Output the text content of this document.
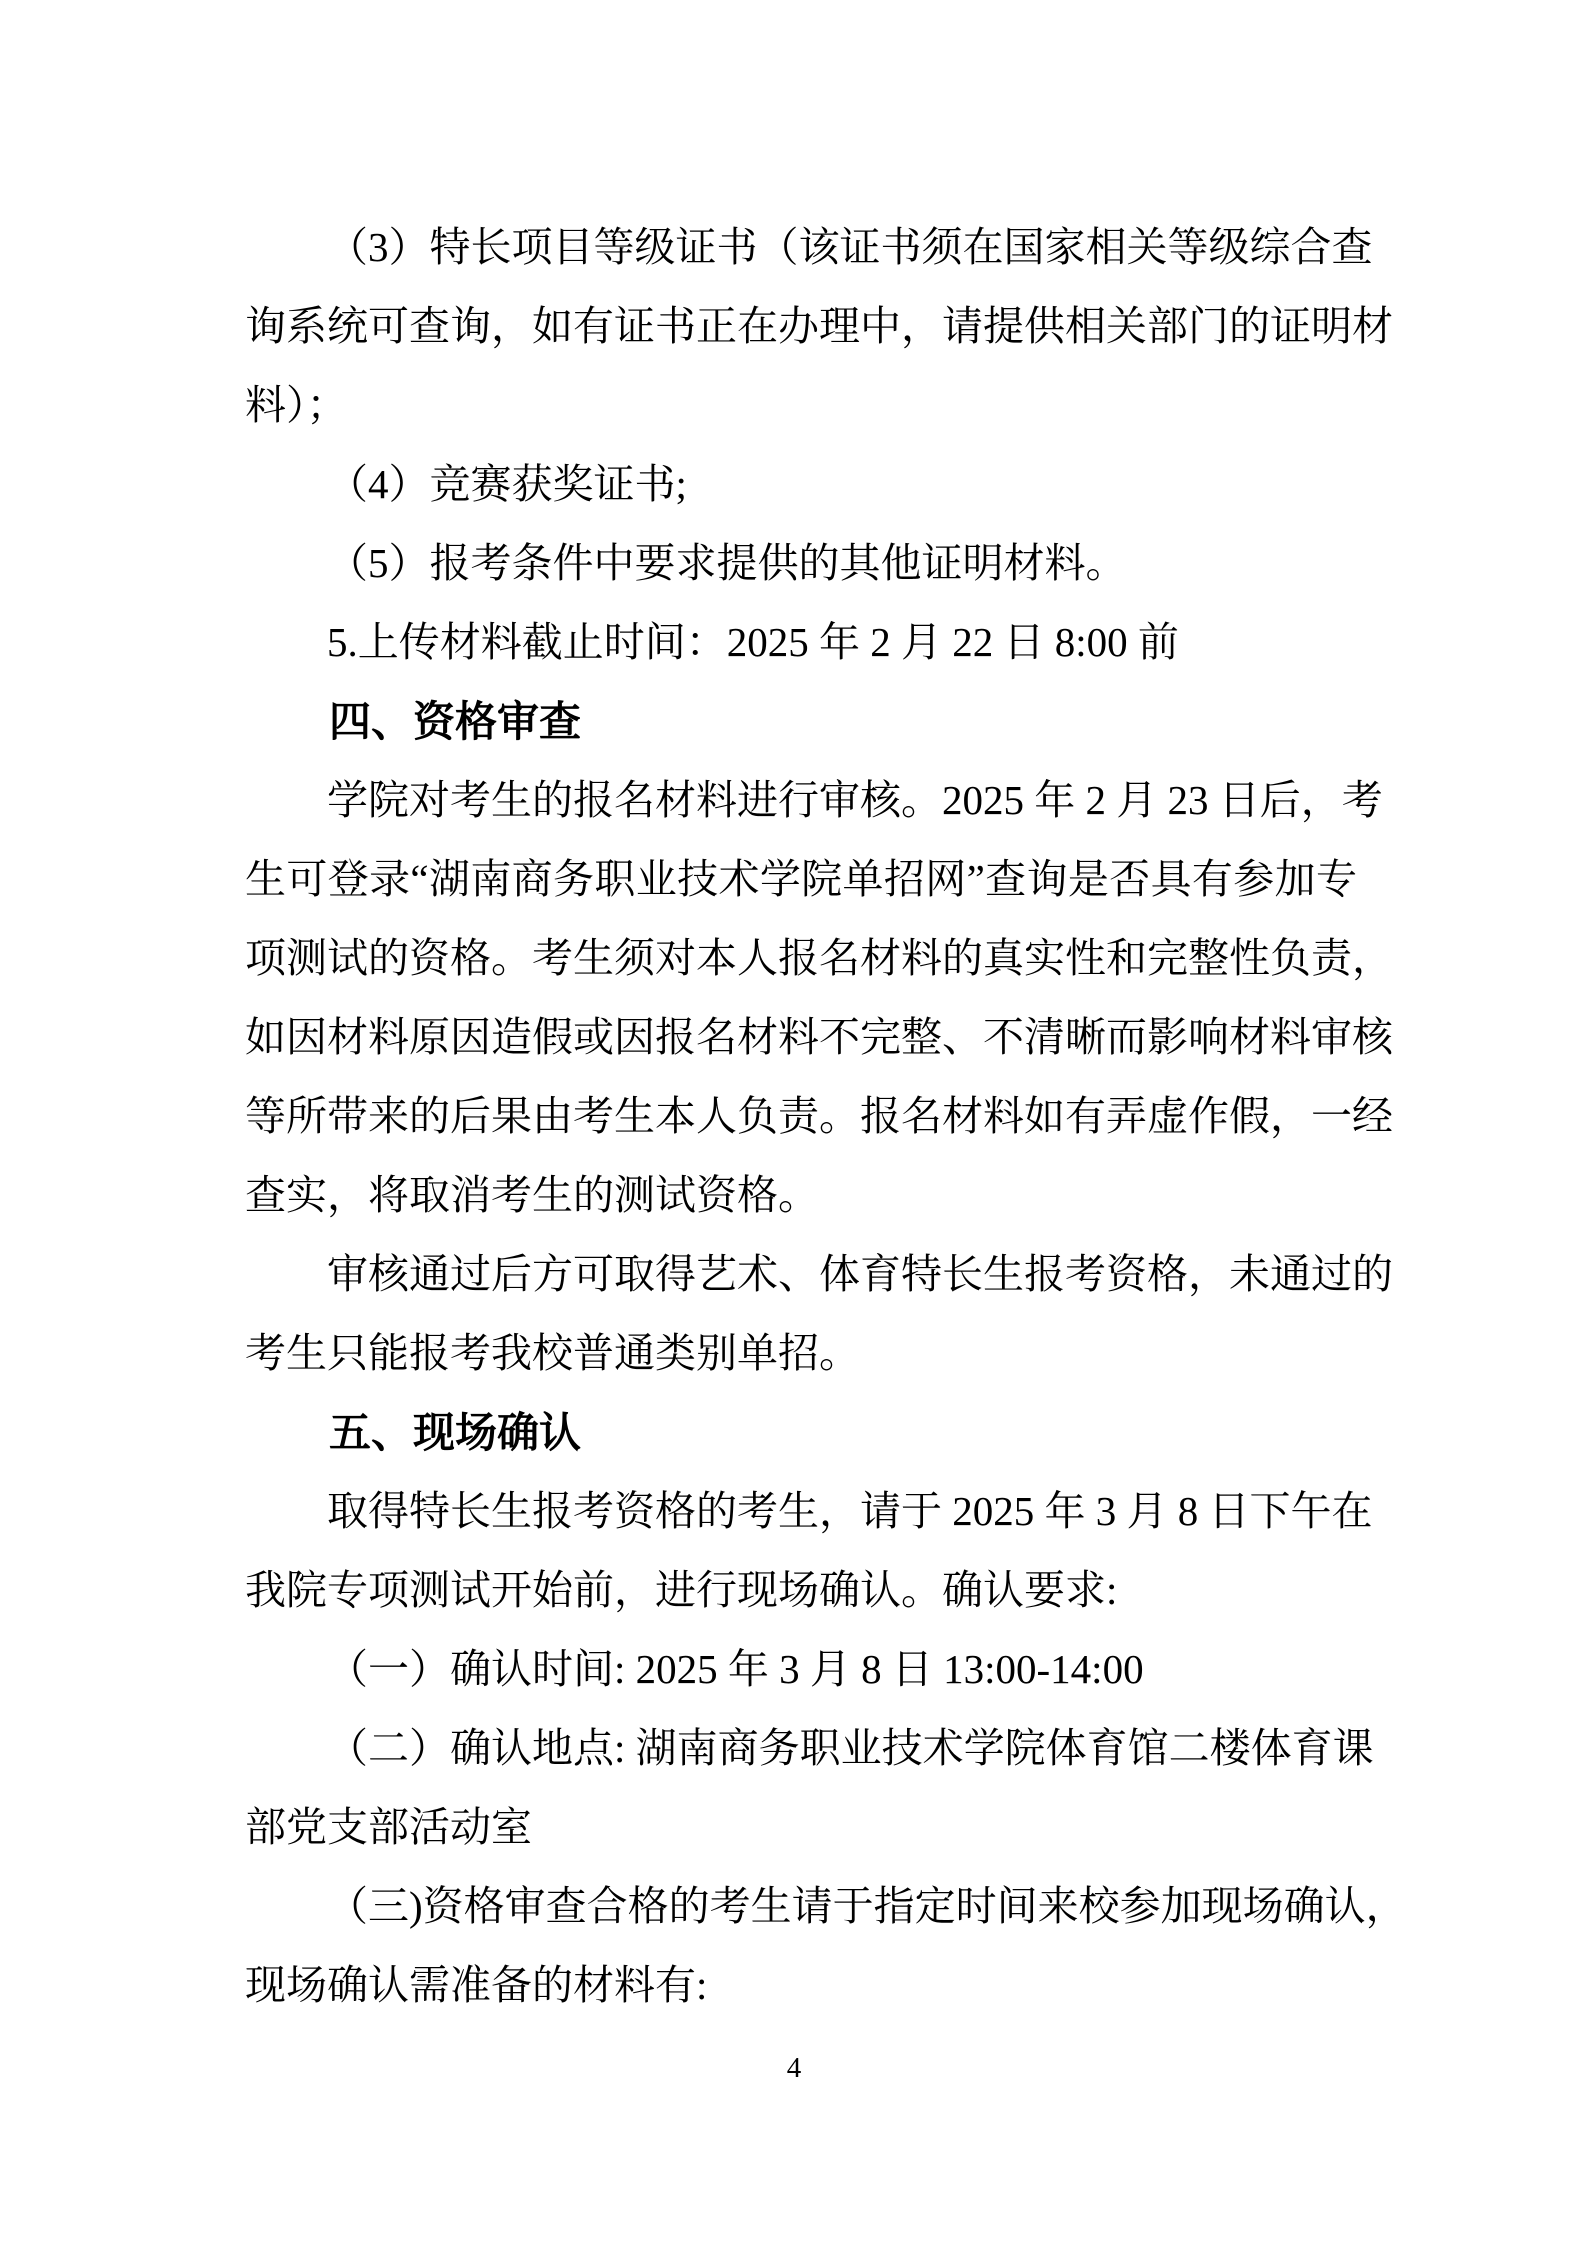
（3）特长项目等级证书（该证书须在国家相关等级综合查
询系统可查询，如有证书正在办理中，请提供相关部门的证明材
料）；
（4）竞赛获奖证书;
（5）报考条件中要求提供的其他证明材料。
5.上传材料截止时间：2025 年 2 月 22 日 8:00 前
四、资格审查
学院对考生的报名材料进行审核。2025 年 2 月 23 日后，考
生可登录“湖南商务职业技术学院单招网”查询是否具有参加专
项测试的资格。考生须对本人报名材料的真实性和完整性负责，
如因材料原因造假或因报名材料不完整、不清晰而影响材料审核
等所带来的后果由考生本人负责。报名材料如有弄虚作假，一经
查实，将取消考生的测试资格。
审核通过后方可取得艺术、体育特长生报考资格，未通过的
考生只能报考我校普通类别单招。
五、现场确认
取得特长生报考资格的考生，请于 2025 年 3 月 8 日下午在
我院专项测试开始前，进行现场确认。确认要求:
（一）确认时间: 2025 年 3 月 8 日 13:00-14:00
（二）确认地点: 湖南商务职业技术学院体育馆二楼体育课
部党支部活动室
（三)资格审查合格的考生请于指定时间来校参加现场确认，
现场确认需准备的材料有:
4
